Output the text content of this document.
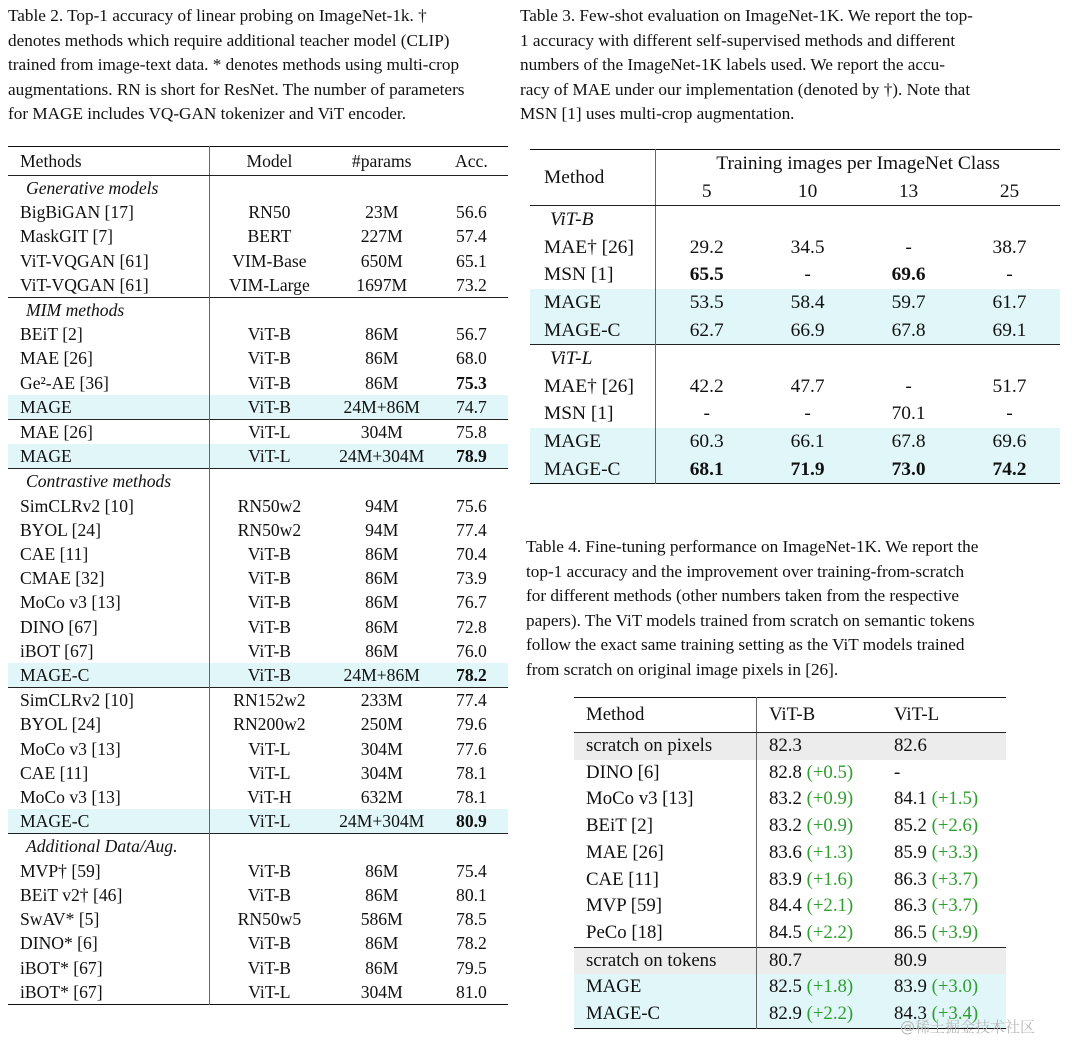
Table 2. Top-1 accuracy of linear probing on ImageNet-1k. †
denotes methods which require additional teacher model (CLIP)
trained from image-text data. * denotes methods using multi-crop
augmentations. RN is short for ResNet. The number of parameters
for MAGE includes VQ-GAN tokenizer and ViT encoder.
Table 3. Few-shot evaluation on ImageNet-1K. We report the top-
1 accuracy with different self-supervised methods and different
numbers of the ImageNet-1K labels used. We report the accu-
racy of MAE under our implementation (denoted by †). Note that
MSN [1] uses multi-crop augmentation.
Table 4. Fine-tuning performance on ImageNet-1K. We report the
top-1 accuracy and the improvement over training-from-scratch
for different methods (other numbers taken from the respective
papers). The ViT models trained from scratch on semantic tokens
follow the exact same training setting as the ViT models trained
from scratch on original image pixels in [26].
Methods	Model	#params	Acc.
Generative models			
BigBiGAN [17]	RN50	23M	56.6
MaskGIT [7]	BERT	227M	57.4
ViT-VQGAN [61]	VIM-Base	650M	65.1
ViT-VQGAN [61]	VIM-Large	1697M	73.2
MIM methods			
BEiT [2]	ViT-B	86M	56.7
MAE [26]	ViT-B	86M	68.0
Ge²-AE [36]	ViT-B	86M	75.3
MAGE	ViT-B	24M+86M	74.7
MAE [26]	ViT-L	304M	75.8
MAGE	ViT-L	24M+304M	78.9
Contrastive methods			
SimCLRv2 [10]	RN50w2	94M	75.6
BYOL [24]	RN50w2	94M	77.4
CAE [11]	ViT-B	86M	70.4
CMAE [32]	ViT-B	86M	73.9
MoCo v3 [13]	ViT-B	86M	76.7
DINO [67]	ViT-B	86M	72.8
iBOT [67]	ViT-B	86M	76.0
MAGE-C	ViT-B	24M+86M	78.2
SimCLRv2 [10]	RN152w2	233M	77.4
BYOL [24]	RN200w2	250M	79.6
MoCo v3 [13]	ViT-L	304M	77.6
CAE [11]	ViT-L	304M	78.1
MoCo v3 [13]	ViT-H	632M	78.1
MAGE-C	ViT-L	24M+304M	80.9
Additional Data/Aug.			
MVP† [59]	ViT-B	86M	75.4
BEiT v2† [46]	ViT-B	86M	80.1
SwAV* [5]	RN50w5	586M	78.5
DINO* [6]	ViT-B	86M	78.2
iBOT* [67]	ViT-B	86M	79.5
iBOT* [67]	ViT-L	304M	81.0
Method	Training images per ImageNet Class			
	5	10	13	25
ViT-B				
MAE† [26]	29.2	34.5	-	38.7
MSN [1]	65.5	-	69.6	-
MAGE	53.5	58.4	59.7	61.7
MAGE-C	62.7	66.9	67.8	69.1
ViT-L				
MAE† [26]	42.2	47.7	-	51.7
MSN [1]	-	-	70.1	-
MAGE	60.3	66.1	67.8	69.6
MAGE-C	68.1	71.9	73.0	74.2
Method	ViT-B	ViT-L
scratch on pixels	82.3	82.6
DINO [6]	82.8 (+0.5)	-
MoCo v3 [13]	83.2 (+0.9)	84.1 (+1.5)
BEiT [2]	83.2 (+0.9)	85.2 (+2.6)
MAE [26]	83.6 (+1.3)	85.9 (+3.3)
CAE [11]	83.9 (+1.6)	86.3 (+3.7)
MVP [59]	84.4 (+2.1)	86.3 (+3.7)
PeCo [18]	84.5 (+2.2)	86.5 (+3.9)
scratch on tokens	80.7	80.9
MAGE	82.5 (+1.8)	83.9 (+3.0)
MAGE-C	82.9 (+2.2)	84.3 (+3.4)
@稀土掘金技术社区
